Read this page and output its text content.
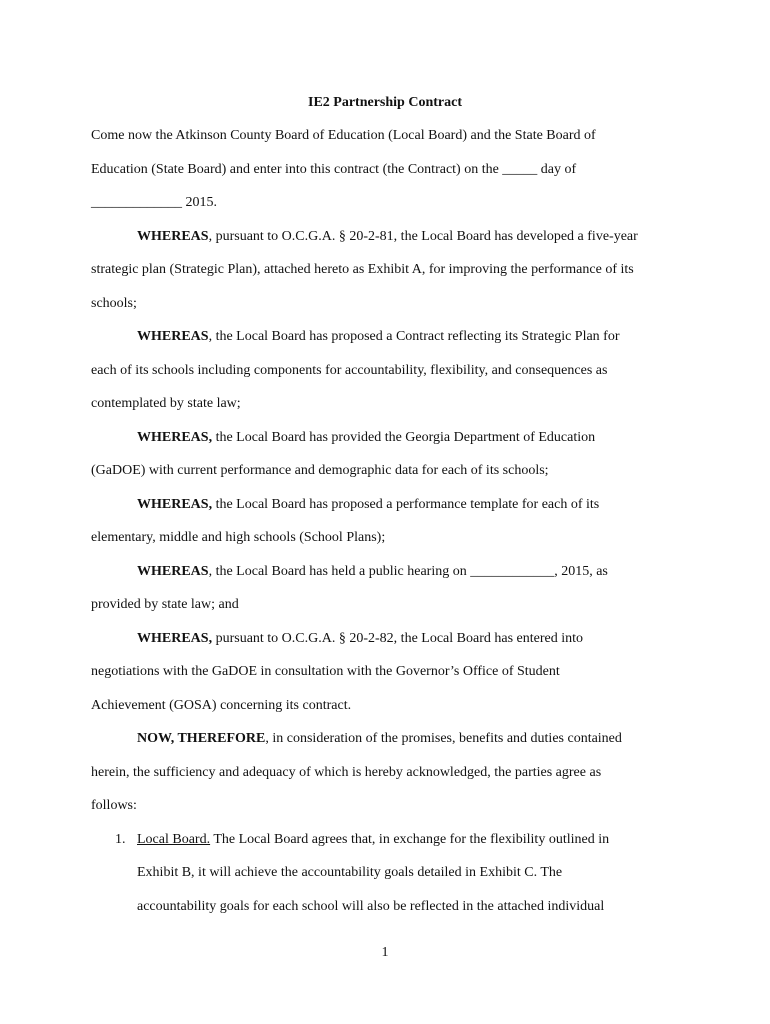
IE2 Partnership Contract
Come now the Atkinson County Board of Education (Local Board) and the State Board of
Education (State Board) and enter into this contract (the Contract) on the _____ day of
_____________ 2015.
WHEREAS, pursuant to O.C.G.A. § 20-2-81, the Local Board has developed a five-year
strategic plan (Strategic Plan), attached hereto as Exhibit A, for improving the performance of its
schools;
WHEREAS, the Local Board has proposed a Contract reflecting its Strategic Plan for
each of its schools including components for accountability, flexibility, and consequences as
contemplated by state law;
WHEREAS, the Local Board has provided the Georgia Department of Education
(GaDOE) with current performance and demographic data for each of its schools;
WHEREAS, the Local Board has proposed a performance template for each of its
elementary, middle and high schools (School Plans);
WHEREAS, the Local Board has held a public hearing on ____________, 2015, as
provided by state law; and
WHEREAS, pursuant to O.C.G.A. § 20-2-82, the Local Board has entered into
negotiations with the GaDOE in consultation with the Governor’s Office of Student
Achievement (GOSA) concerning its contract.
NOW, THEREFORE, in consideration of the promises, benefits and duties contained
herein, the sufficiency and adequacy of which is hereby acknowledged, the parties agree as
follows:
1. Local Board. The Local Board agrees that, in exchange for the flexibility outlined in
Exhibit B, it will achieve the accountability goals detailed in Exhibit C. The
accountability goals for each school will also be reflected in the attached individual
1
